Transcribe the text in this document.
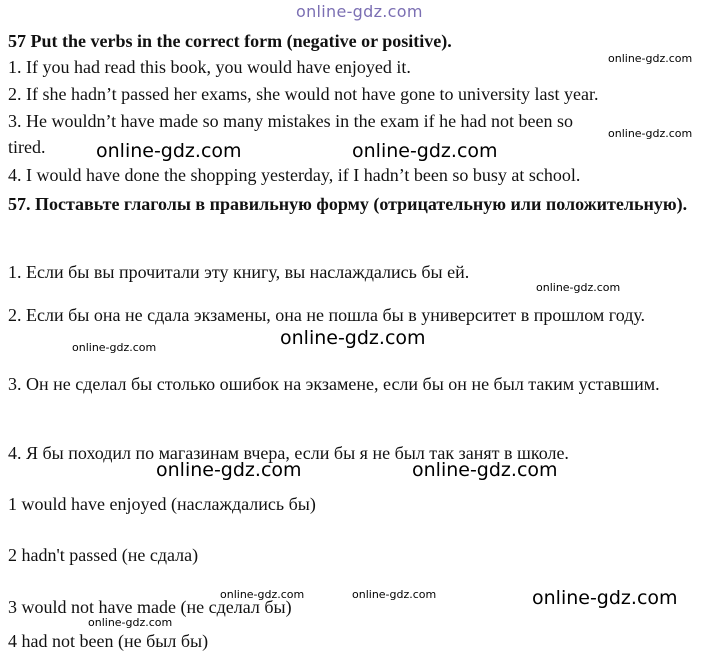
online-gdz.com
57 Put the verbs in the correct form (negative or positive).
1. If you had read this book, you would have enjoyed it.
2. If she hadn’t passed her exams, she would not have gone to university last year.
3. He wouldn’t have made so many mistakes in the exam if he had not been so
tired.
4. I would have done the shopping yesterday, if I hadn’t been so busy at school.
57. Поставьте глаголы в правильную форму (отрицательную или положительную).
1. Если бы вы прочитали эту книгу, вы наслаждались бы ей.
2. Если бы она не сдала экзамены, она не пошла бы в университет в прошлом году.
3. Он не сделал бы столько ошибок на экзамене, если бы он не был таким уставшим.
4. Я бы походил по магазинам вчера, если бы я не был так занят в школе.
1 would have enjoyed (наслаждались бы)
2 hadn't passed (не сдала)
3 would not have made (не сделал бы)
4 had not been (не был бы)
online-gdz.com
online-gdz.com
online-gdz.com	online-gdz.com
online-gdz.com
online-gdz.com
online-gdz.com
online-gdz.com	online-gdz.com
online-gdz.com	online-gdz.com	online-gdz.com
online-gdz.com
